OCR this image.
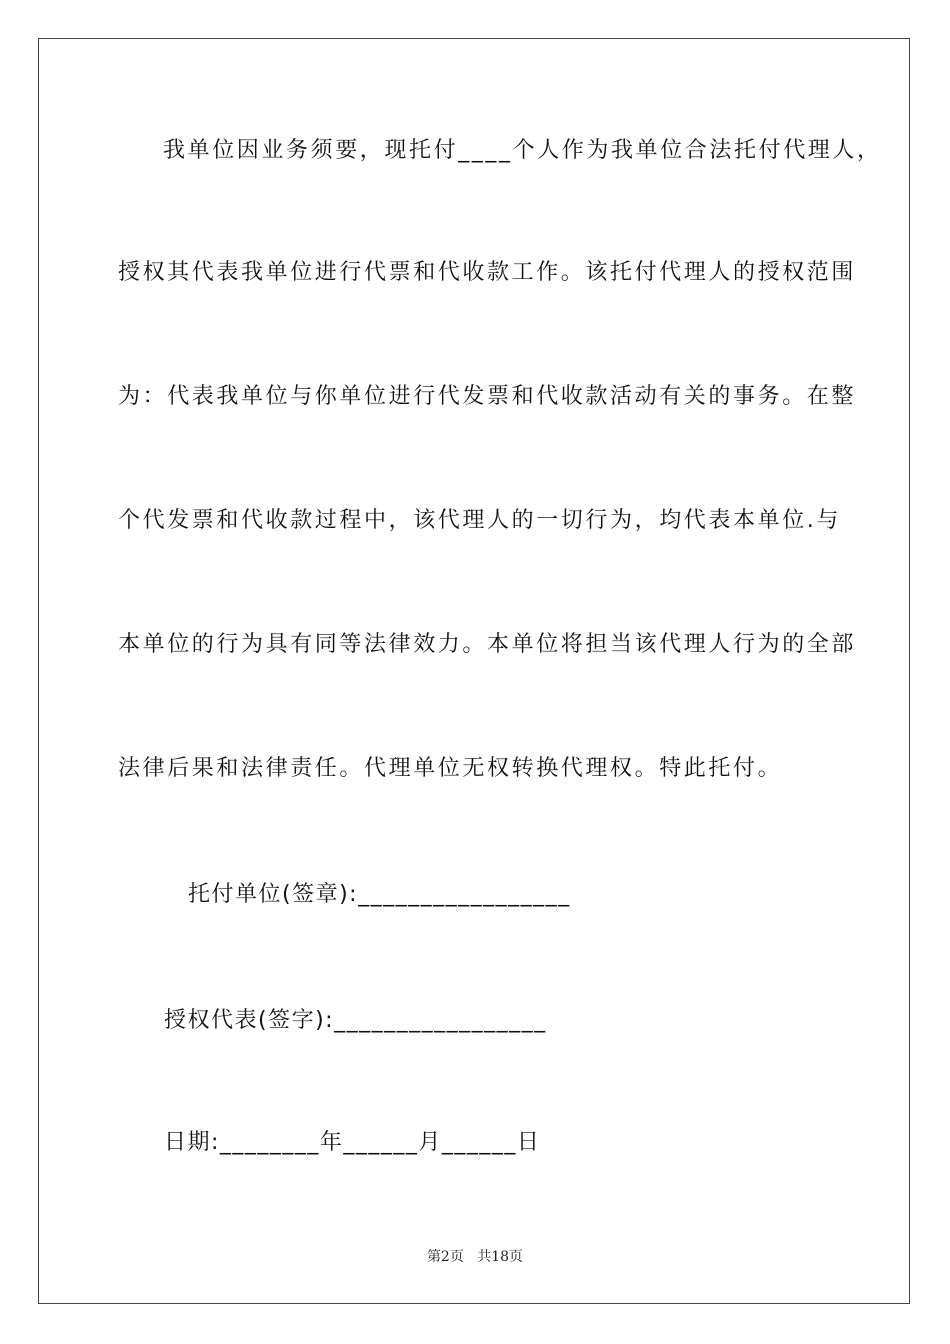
我单位因业务须要，现托付____个人作为我单位合法托付代理人，
授权其代表我单位进行代票和代收款工作。该托付代理人的授权范围
为：代表我单位与你单位进行代发票和代收款活动有关的事务。在整
个代发票和代收款过程中，该代理人的一切行为，均代表本单位.与
本单位的行为具有同等法律效力。本单位将担当该代理人行为的全部
法律后果和法律责任。代理单位无权转换代理权。特此托付。
托付单位(签章):_________________
授权代表(签字):_________________
日期:________年______月______日
第2页 共18页
